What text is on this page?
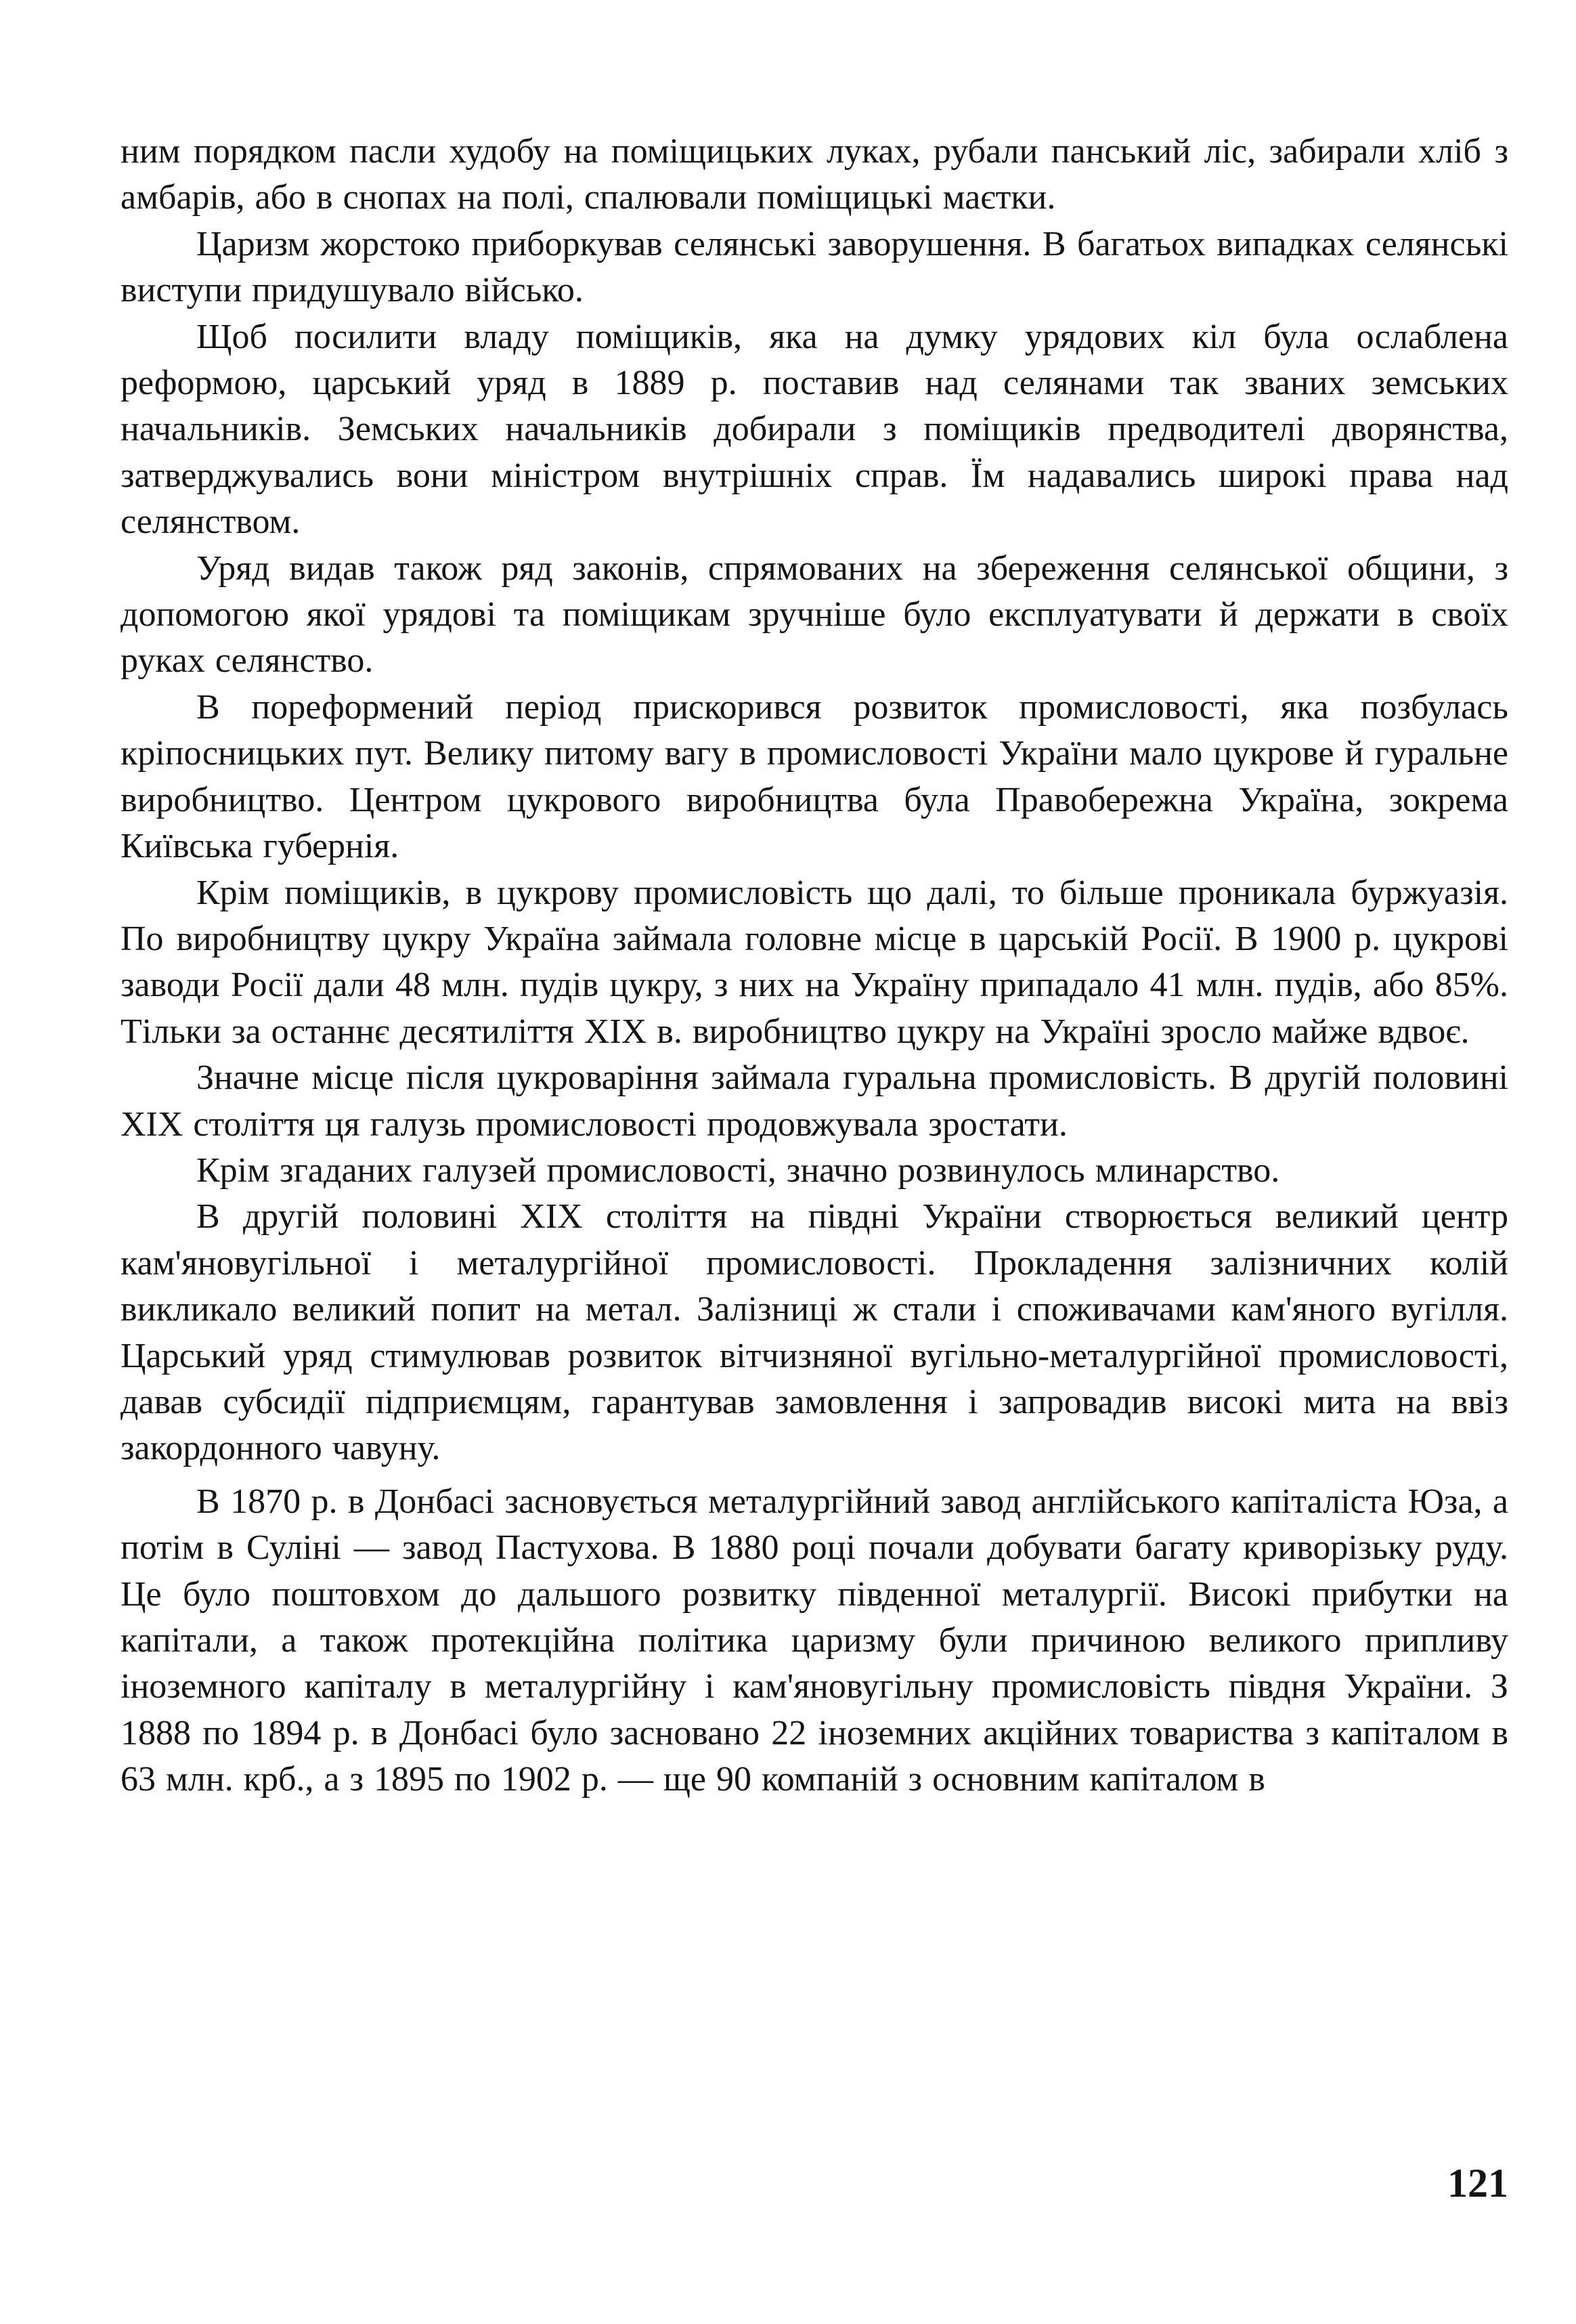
ним порядком пасли худобу на поміщицьких луках, рубали панський ліс, забирали хліб з амбарів, або в снопах на полі, спалювали поміщицькі маєтки.

Царизм жорстоко приборкував селянські заворушення. В багатьох випадках селянські виступи придушувало військо.

Щоб посилити владу поміщиків, яка на думку урядових кіл була ослаблена реформою, царський уряд в 1889 р. поставив над селянами так званих земських начальників. Земських начальників добирали з поміщиків предводителі дворянства, затверджувались вони міністром внутрішніх справ. Їм надавались широкі права над селянством.

Уряд видав також ряд законів, спрямованих на збереження селянської общини, з допомогою якої урядові та поміщикам зручніше було експлуатувати й держати в своїх руках селянство.

В пореформений період прискорився розвиток промисловості, яка позбулась кріпосницьких пут. Велику питому вагу в промисловості України мало цукрове й гуральне виробництво. Центром цукрового виробництва була Правобережна Україна, зокрема Київська губернія.

Крім поміщиків, в цукрову промисловість що далі, то більше проникала буржуазія. По виробництву цукру Україна займала головне місце в царській Росії. В 1900 р. цукрові заводи Росії дали 48 млн. пудів цукру, з них на Україну припадало 41 млн. пудів, або 85%. Тільки за останнє десятиліття XIX в. виробництво цукру на Україні зросло майже вдвоє.

Значне місце після цукроваріння займала гуральна промисловість. В другій половині XIX століття ця галузь промисловості продовжувала зростати.

Крім згаданих галузей промисловості, значно розвинулось млинарство.

В другій половині XIX століття на півдні України створюється великий центр кам'яновугільної і металургійної промисловості. Прокладення залізничних колій викликало великий попит на метал. Залізниці ж стали і споживачами кам'яного вугілля. Царський уряд стимулював розвиток вітчизняної вугільно-металургійної промисловості, давав субсидії підприємцям, гарантував замовлення і запровадив високі мита на ввіз закордонного чавуну.

В 1870 р. в Донбасі засновується металургійний завод англійського капіталіста Юза, а потім в Суліні — завод Пастухова. В 1880 році почали добувати багату криворізьку руду. Це було поштовхом до дальшого розвитку південної металургії. Високі прибутки на капітали, а також протекційна політика царизму були причиною великого припливу іноземного капіталу в металургійну і кам'яновугільну промисловість півдня України. З 1888 по 1894 р. в Донбасі було засновано 22 іноземних акційних товариства з капіталом в 63 млн. крб., а з 1895 по 1902 р. — ще 90 компаній з основним капіталом в

121
